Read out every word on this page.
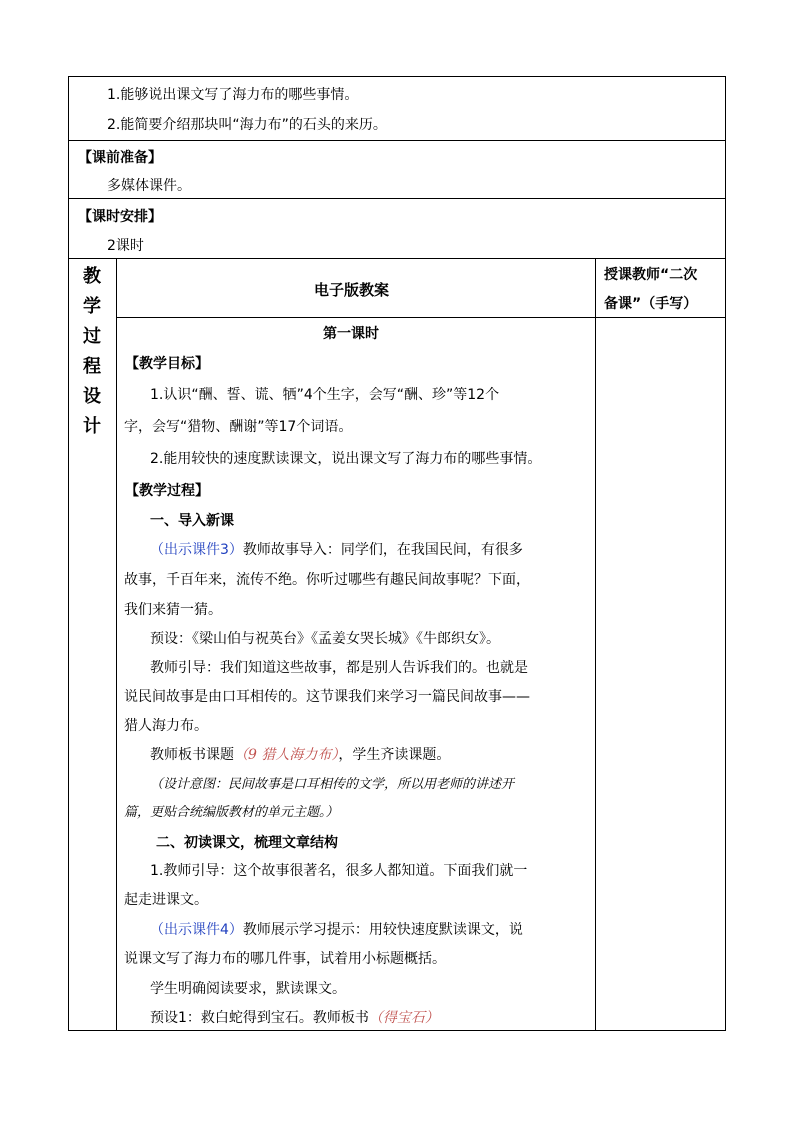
1.能够说出课文写了海力布的哪些事情。
2.能简要介绍那块叫“海力布”的石头的来历。
【课前准备】
多媒体课件。
【课时安排】
2课时
教
学
过
程
设
计
电子版教案
授课教师“二次
备课”（手写）
第一课时
【教学目标】
1.认识“酬、誓、谎、牺”4个生字，会写“酬、珍”等12个
字，会写“猎物、酬谢”等17个词语。
2.能用较快的速度默读课文，说出课文写了海力布的哪些事情。
【教学过程】
一、导入新课
（出示课件3）教师故事导入：同学们，在我国民间，有很多
故事，千百年来，流传不绝。你听过哪些有趣民间故事呢？下面，
我们来猜一猜。
预设：《梁山伯与祝英台》《孟姜女哭长城》《牛郎织女》。
教师引导：我们知道这些故事，都是别人告诉我们的。也就是
说民间故事是由口耳相传的。这节课我们来学习一篇民间故事——
猎人海力布。
教师板书课题（9 猎人海力布），学生齐读课题。
（设计意图：民间故事是口耳相传的文学，所以用老师的讲述开
篇，更贴合统编版教材的单元主题。）
二、初读课文，梳理文章结构
1.教师引导：这个故事很著名，很多人都知道。下面我们就一
起走进课文。
（出示课件4）教师展示学习提示：用较快速度默读课文，说
说课文写了海力布的哪几件事，试着用小标题概括。
学生明确阅读要求，默读课文。
预设1：救白蛇得到宝石。教师板书（得宝石）
